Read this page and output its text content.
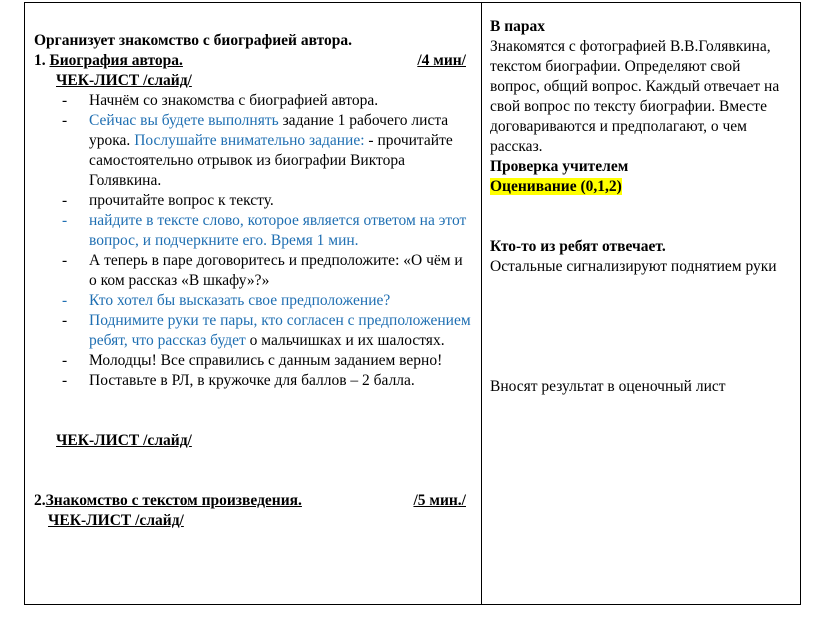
Организует знакомство с биографией автора.
1. Биография автора.	/4 мин/
ЧЕК-ЛИСТ /слайд/
- Начнём со знакомства с биографией автора.
- Сейчас вы будете выполнять задание 1 рабочего листа урока. Послушайте внимательно задание: - прочитайте самостоятельно отрывок из биографии Виктора Голявкина.
- прочитайте вопрос к тексту.
- найдите в тексте слово, которое является ответом на этот вопрос, и подчеркните его. Время 1 мин.
- А теперь в паре договоритесь и предположите: «О чём и о ком рассказ «В шкафу»?»
- Кто хотел бы высказать свое предположение?
- Поднимите руки те пары, кто согласен с предположением ребят, что рассказ будет о мальчишках и их шалостях.
- Молодцы! Все справились с данным заданием верно!
- Поставьте в РЛ, в кружочке для баллов – 2 балла.
ЧЕК-ЛИСТ /слайд/
2.Знакомство с текстом произведения.	/5 мин./
ЧЕК-ЛИСТ /слайд/
В парах
Знакомятся с фотографией В.В.Голявкина, текстом биографии. Определяют свой вопрос, общий вопрос. Каждый отвечает на свой вопрос по тексту биографии. Вместе договариваются и предполагают, о чем рассказ.
Проверка учителем
Оценивание (0,1,2)
Кто-то из ребят отвечает.
Остальные сигнализируют поднятием руки
Вносят результат в оценочный лист
